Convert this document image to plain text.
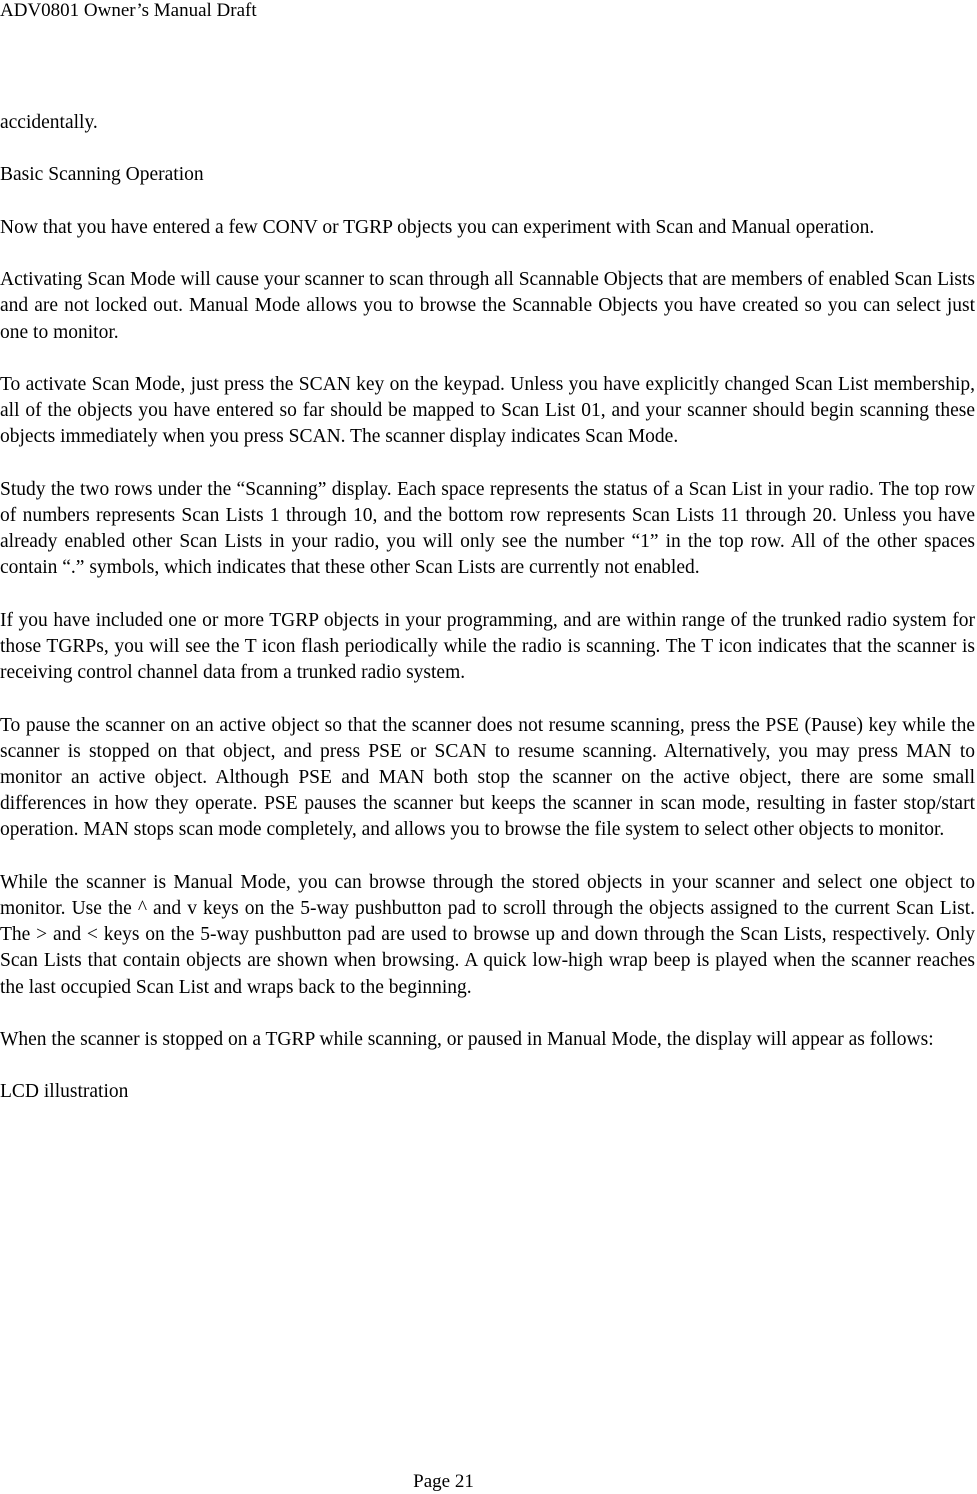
ADV0801 Owner’s Manual Draft

accidentally.

Basic Scanning Operation

Now that you have entered a few CONV or TGRP objects you can experiment with Scan and Manual operation.

Activating Scan Mode will cause your scanner to scan through all Scannable Objects that are members of enabled Scan Lists and are not locked out. Manual Mode allows you to browse the Scannable Objects you have created so you can select just one to monitor.

To activate Scan Mode, just press the SCAN key on the keypad. Unless you have explicitly changed Scan List membership, all of the objects you have entered so far should be mapped to Scan List 01, and your scanner should begin scanning these objects immediately when you press SCAN. The scanner display indicates Scan Mode.

Study the two rows under the “Scanning” display. Each space represents the status of a Scan List in your radio. The top row of numbers represents Scan Lists 1 through 10, and the bottom row represents Scan Lists 11 through 20. Unless you have already enabled other Scan Lists in your radio, you will only see the number “1” in the top row. All of the other spaces contain “.” symbols, which indicates that these other Scan Lists are currently not enabled.

If you have included one or more TGRP objects in your programming, and are within range of the trunked radio system for those TGRPs, you will see the T icon flash periodically while the radio is scanning. The T icon indicates that the scanner is receiving control channel data from a trunked radio system.

To pause the scanner on an active object so that the scanner does not resume scanning, press the PSE (Pause) key while the scanner is stopped on that object, and press PSE or SCAN to resume scanning. Alternatively, you may press MAN to monitor an active object. Although PSE and MAN both stop the scanner on the active object, there are some small differences in how they operate. PSE pauses the scanner but keeps the scanner in scan mode, resulting in faster stop/start operation. MAN stops scan mode completely, and allows you to browse the file system to select other objects to monitor.

While the scanner is Manual Mode, you can browse through the stored objects in your scanner and select one object to monitor. Use the ^ and v keys on the 5-way pushbutton pad to scroll through the objects assigned to the current Scan List. The > and < keys on the 5-way pushbutton pad are used to browse up and down through the Scan Lists, respectively. Only Scan Lists that contain objects are shown when browsing. A quick low-high wrap beep is played when the scanner reaches the last occupied Scan List and wraps back to the beginning.

When the scanner is stopped on a TGRP while scanning, or paused in Manual Mode, the display will appear as follows:

LCD illustration

Page 21
